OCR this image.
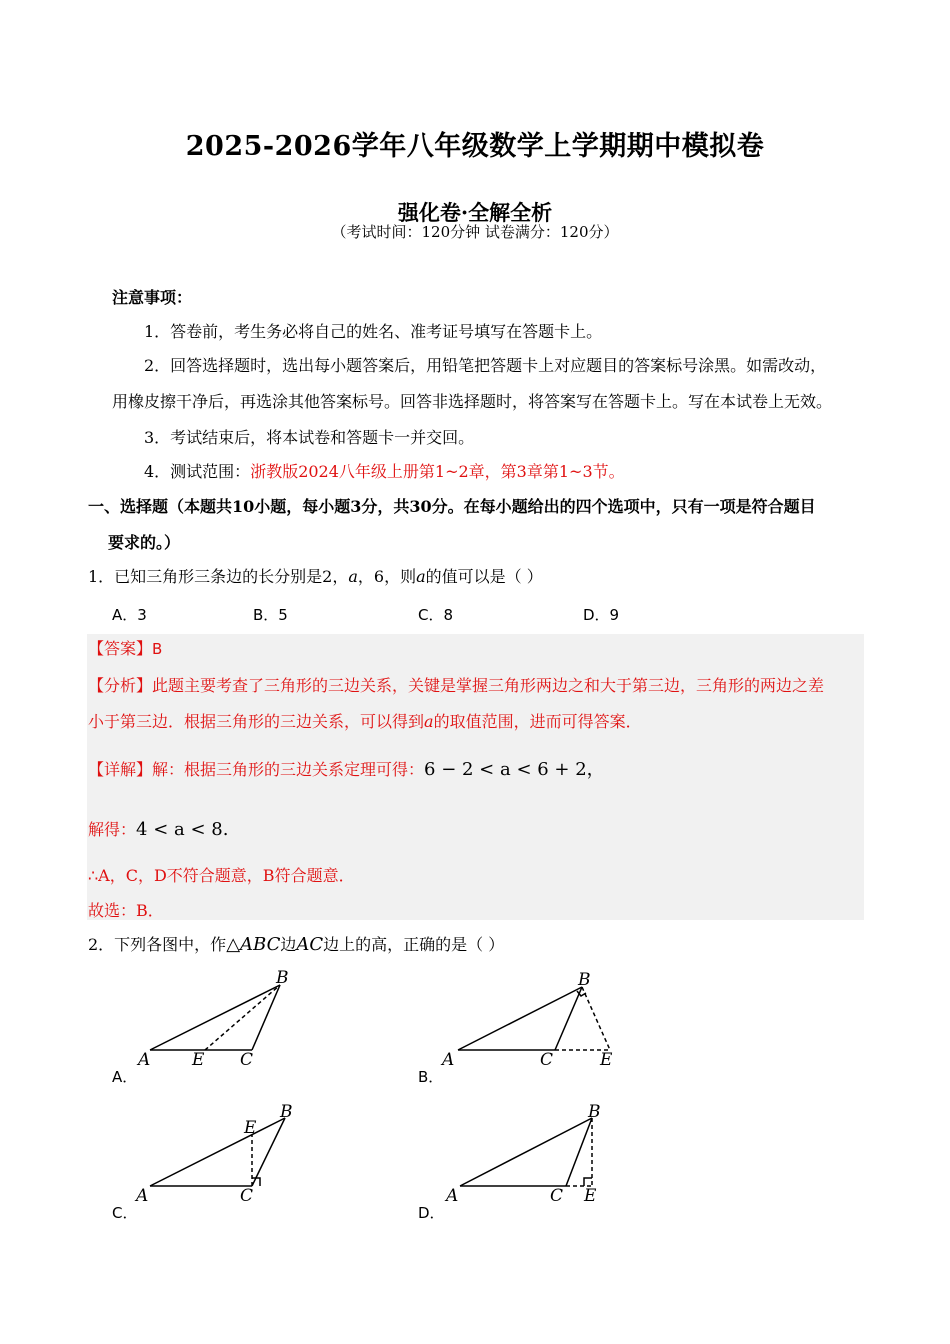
2025-2026学年八年级数学上学期期中模拟卷
强化卷·全解全析
（考试时间：120分钟 试卷满分：120分）
注意事项：
1．答卷前，考生务必将自己的姓名、准考证号填写在答题卡上。
2．回答选择题时，选出每小题答案后，用铅笔把答题卡上对应题目的答案标号涂黑。如需改动，
用橡皮擦干净后，再选涂其他答案标号。回答非选择题时，将答案写在答题卡上。写在本试卷上无效。
3．考试结束后，将本试卷和答题卡一并交回。
4．测试范围：浙教版2024八年级上册第1~2章，第3章第1~3节。
一、选择题（本题共10小题，每小题3分，共30分。在每小题给出的四个选项中，只有一项是符合题目
要求的。）
1．已知三角形三条边的长分别是2，a，6，则a的值可以是（ ）
A．3	B．5	C．8	D．9
【答案】B
【分析】此题主要考查了三角形的三边关系，关键是掌握三角形两边之和大于第三边，三角形的两边之差
小于第三边．根据三角形的三边关系，可以得到a的取值范围，进而可得答案．
【详解】解：根据三角形的三边关系定理可得：6 − 2 < a < 6 + 2，
解得：4 < a < 8.
∴A，C，D不符合题意，B符合题意．
故选：B．
2．下列各图中，作△ABC边AC边上的高，正确的是（ ）
A E C
B
A．
A	C	E
B
B．
A	C
E
B
C．
A	C E
B
D．
